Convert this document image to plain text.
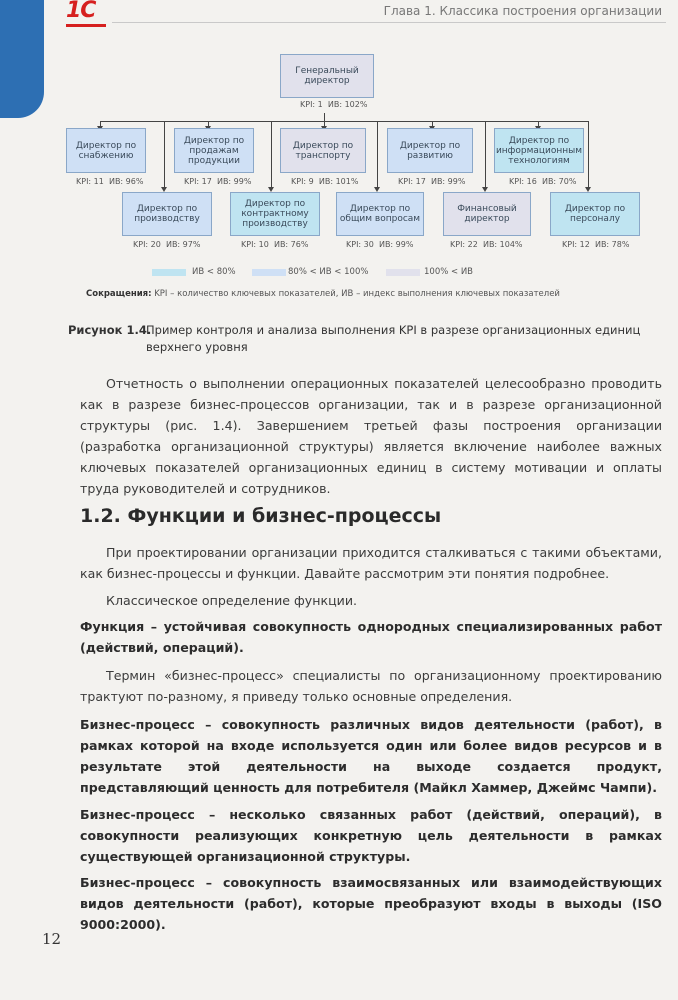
1С	Глава 1. Классика построения организации
Генеральный директор
KPI: 1 ИВ: 102%
Директор по снабжению
KPI: 11 ИВ: 96%
Директор по продажам продукции
KPI: 17 ИВ: 99%
Директор по транспорту
KPI: 9 ИВ: 101%
Директор по развитию
KPI: 17 ИВ: 99%
Директор по информационным технологиям
KPI: 16 ИВ: 70%
Директор по производству
KPI: 20 ИВ: 97%
Директор по контрактному производству
KPI: 10 ИВ: 76%
Директор по общим вопросам
KPI: 30 ИВ: 99%
Финансовый директор
KPI: 22 ИВ: 104%
Директор по персоналу
KPI: 12 ИВ: 78%
ИВ < 80%	80% < ИВ < 100%	100% < ИВ
Сокращения: KPI – количество ключевых показателей, ИВ – индекс выполнения ключевых показателей
Рисунок 1.4.
Пример контроля и анализа выполнения KPI в разрезе организационных единиц верхнего уровня
Отчетность о выполнении операционных показателей целесообразно проводить как в разрезе бизнес-процессов организации, так и в разрезе организационной структуры (рис. 1.4). Завершением третьей фазы построения организации (разработка организационной структуры) является включение наиболее важных ключевых показателей организационных единиц в систему мотивации и оплаты труда руководителей и сотрудников.
1.2. Функции и бизнес-процессы
При проектировании организации приходится сталкиваться с такими объектами, как бизнес-процессы и функции. Давайте рассмотрим эти понятия подробнее.
Классическое определение функции.
Функция – устойчивая совокупность однородных специализированных работ (действий, операций).
Термин «бизнес-процесс» специалисты по организационному проектированию трактуют по-разному, я приведу только основные определения.
Бизнес-процесс – совокупность различных видов деятельности (работ), в рамках которой на входе используется один или более видов ресурсов и в результате этой деятельности на выходе создается продукт, представляющий ценность для потребителя (Майкл Хаммер, Джеймс Чампи).
Бизнес-процесс – несколько связанных работ (действий, операций), в совокупности реализующих конкретную цель деятельности в рамках существующей организационной структуры.
Бизнес-процесс – совокупность взаимосвязанных или взаимодействующих видов деятельности (работ), которые преобразуют входы в выходы (ISO 9000:2000).
12
